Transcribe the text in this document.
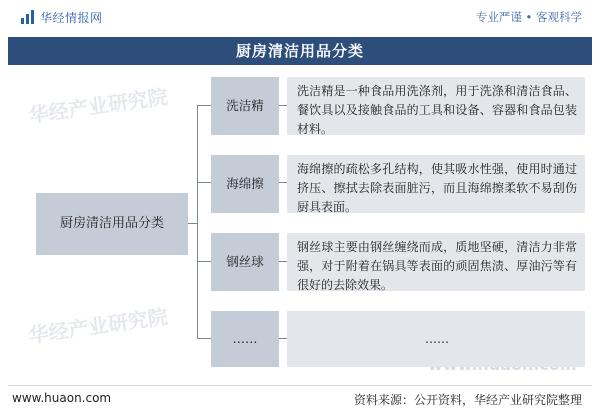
华经情报网	专业严谨 • 客观科学
厨房清洁用品分类
华经产业研究院
华经产业研究院
厨房清洁用品分类
洗洁精
洗洁精是一种食品用洗涤剂，用于洗涤和清洁食品、餐饮具以及接触食品的工具和设备、容器和食品包装材料。
海绵擦
海绵擦的疏松多孔结构，使其吸水性强，使用时通过挤压、擦拭去除表面脏污，而且海绵擦柔软不易刮伤厨具表面。
钢丝球
钢丝球主要由钢丝缠绕而成，质地坚硬，清洁力非常强，对于附着在锅具等表面的顽固焦渍、厚油污等有很好的去除效果。
……	……
www.huaon.com	资料来源：公开资料，华经产业研究院整理
